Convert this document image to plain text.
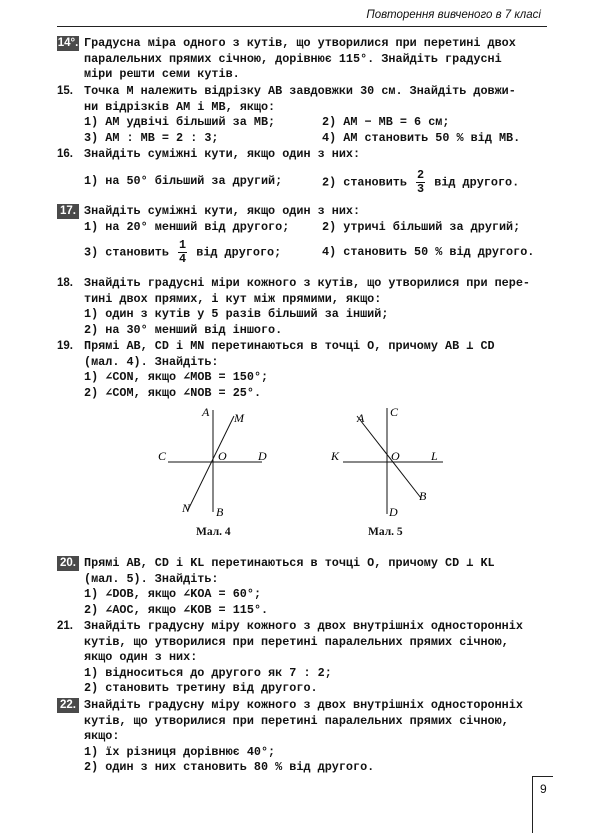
Повторення вивченого в 7 класі
14°. Градусна міра одного з кутів, що утворилися при перетині двох

паралельних прямих січною, дорівнює 115°. Знайдіть градусні

міри решти семи кутів.

15. Точка M належить відрізку AB завдовжки 30 см. Знайдіть довжи-

ни відрізків AM і MB, якщо:

1) AM удвічі більший за MB;	2) AM − MB = 6 см;
3) AM : MB = 2 : 3;	4) AM становить 50 % від MB.
16. Знайдіть суміжні кути, якщо один з них:

1) на 50° більший за другий;	2) становить $\frac{2}{3}$ від другого.
17. Знайдіть суміжні кути, якщо один з них:

1) на 20° менший від другого;	2) утричі більший за другий;
3) становить $\frac{1}{4}$ від другого;	4) становить 50 % від другого.
18. Знайдіть градусні міри кожного з кутів, що утворилися при пере-

тині двох прямих, і кут між прямими, якщо:

1) один з кутів у 5 разів більший за інший;

2) на 30° менший від іншого.

19. Прямі AB, CD і MN перетинаються в точці O, причому AB ⊥ CD

(мал. 4). Знайдіть:

1) ∠CON, якщо ∠MOB = 150°;

2) ∠COM, якщо ∠NOB = 25°.

A M
C	O	D
N B
Мал. 4
A C
K	O	L
B
D
Мал. 5
20. Прямі AB, CD і KL перетинаються в точці O, причому CD ⊥ KL

(мал. 5). Знайдіть:

1) ∠DOB, якщо ∠KOA = 60°;

2) ∠AOC, якщо ∠KOB = 115°.

21. Знайдіть градусну міру кожного з двох внутрішніх односторонніх

кутів, що утворилися при перетині паралельних прямих січною,

якщо один з них:

1) відноситься до другого як 7 : 2;

2) становить третину від другого.

22. Знайдіть градусну міру кожного з двох внутрішніх односторонніх

кутів, що утворилися при перетині паралельних прямих січною,

якщо:

1) їх різниця дорівнює 40°;

2) один з них становить 80 % від другого.

9
